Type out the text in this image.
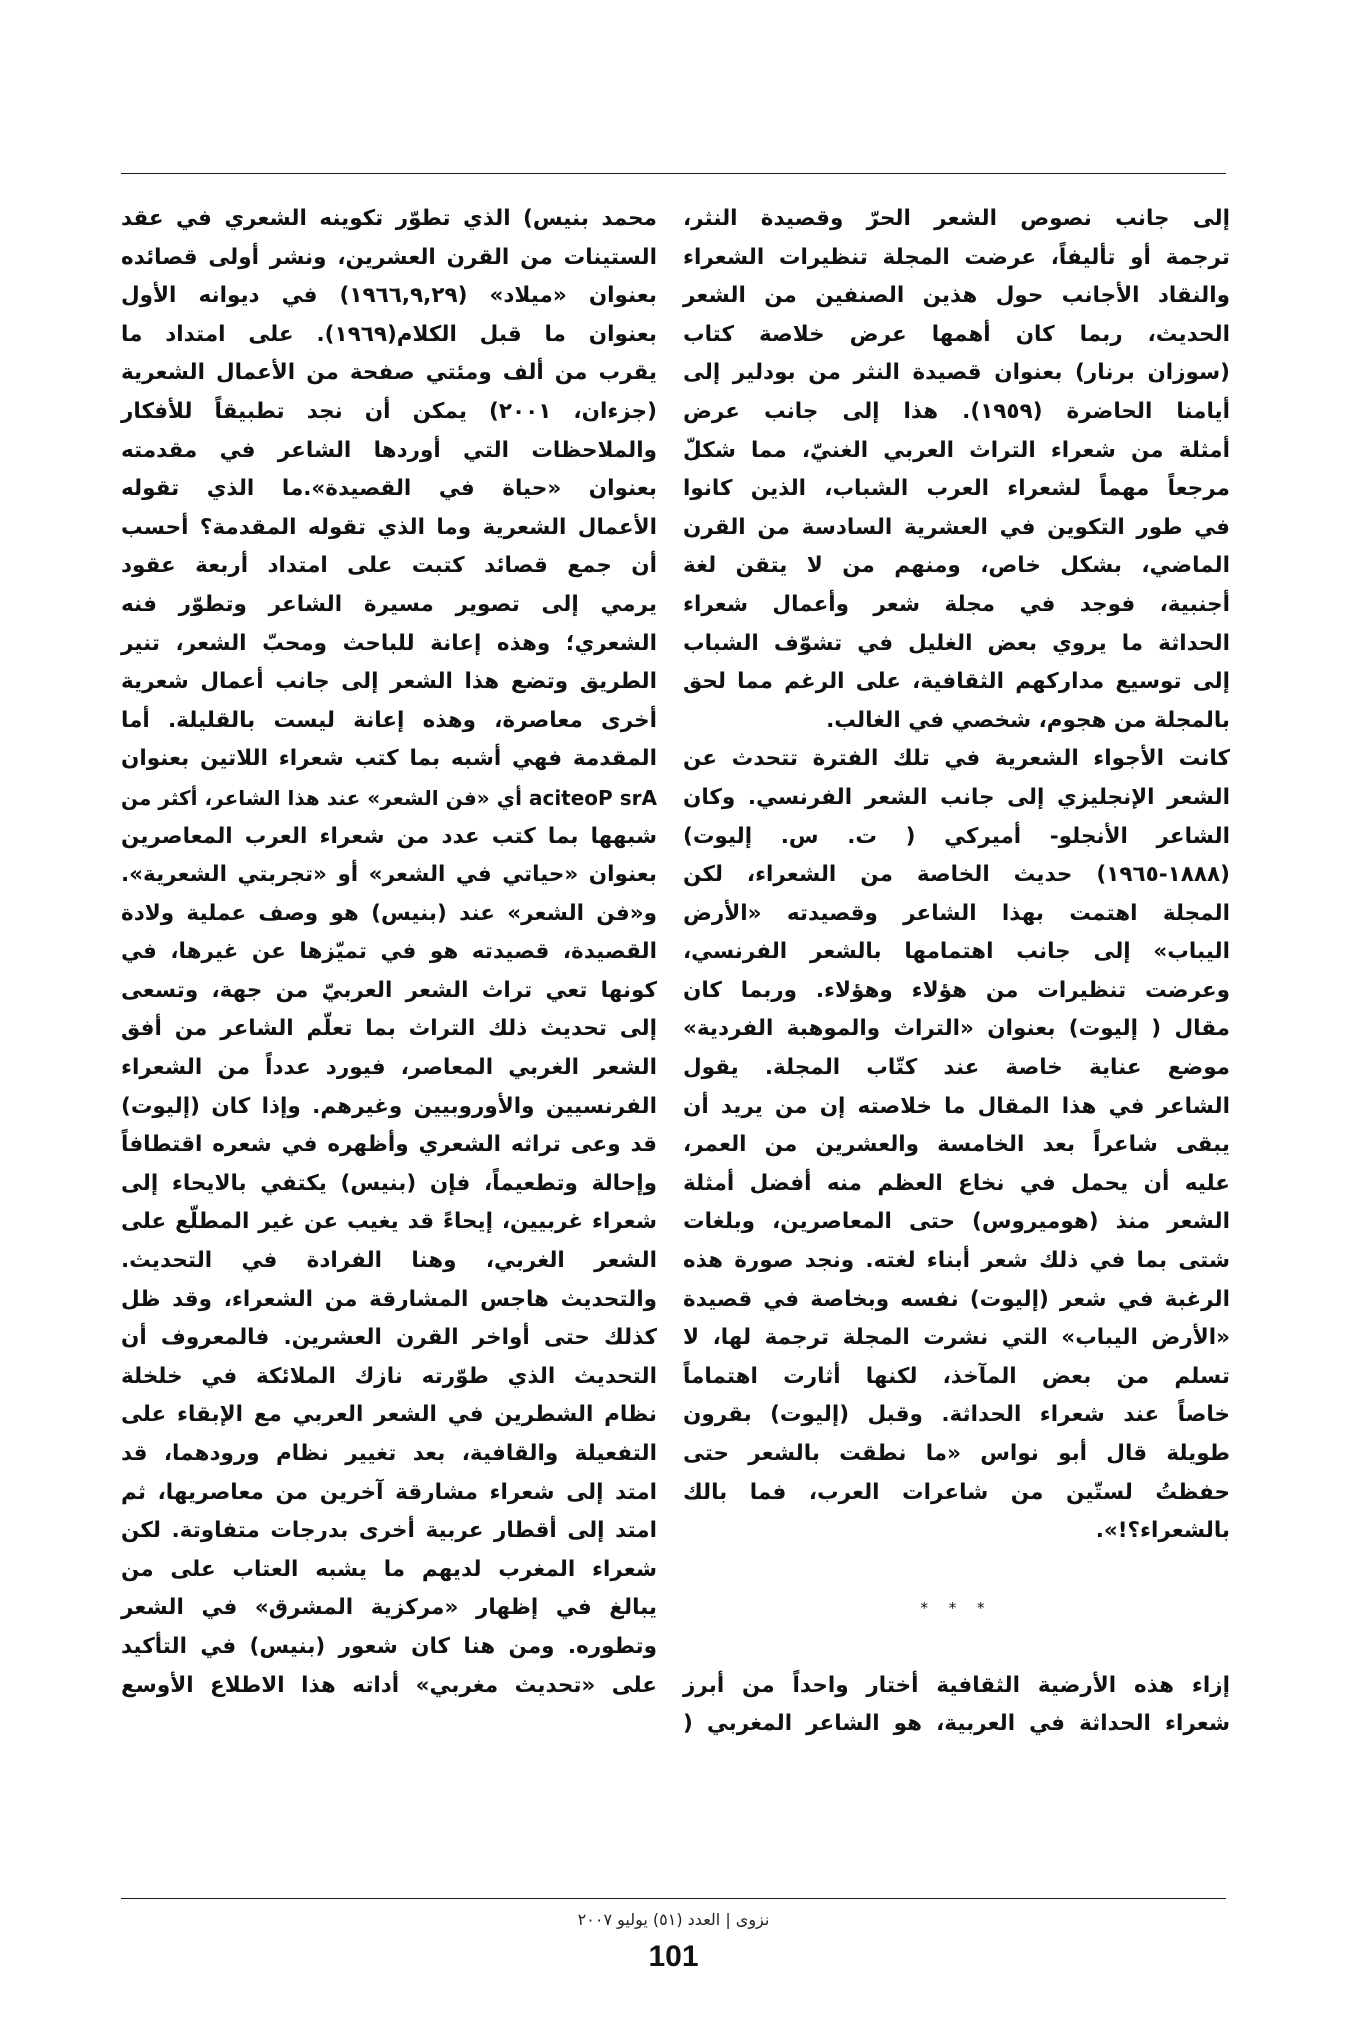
إلى جانب نصوص الشعر الحرّ وقصيدة النثر،
ترجمة أو تأليفاً، عرضت المجلة تنظيرات الشعراء
والنقاد الأجانب حول هذين الصنفين من الشعر
الحديث، ربما كان أهمها عرض خلاصة كتاب
(سوزان برنار) بعنوان قصيدة النثر من بودلير إلى
أيامنا الحاضرة (١٩٥٩). هذا إلى جانب عرض
أمثلة من شعراء التراث العربي الغنيّ، مما شكلّ
مرجعاً مهماً لشعراء العرب الشباب، الذين كانوا
في طور التكوين في العشرية السادسة من القرن
الماضي، بشكل خاص، ومنهم من لا يتقن لغة
أجنبية، فوجد في مجلة شعر وأعمال شعراء
الحداثة ما يروي بعض الغليل في تشوّف الشباب
إلى توسيع مداركهم الثقافية، على الرغم مما لحق
بالمجلة من هجوم، شخصي في الغالب.
كانت الأجواء الشعرية في تلك الفترة تتحدث عن
الشعر الإنجليزي إلى جانب الشعر الفرنسي. وكان
الشاعر الأنجلو- أميركي ( ت. س. إليوت)
(١٨٨٨-١٩٦٥) حديث الخاصة من الشعراء، لكن
المجلة اهتمت بهذا الشاعر وقصيدته «الأرض
اليباب» إلى جانب اهتمامها بالشعر الفرنسي،
وعرضت تنظيرات من هؤلاء وهؤلاء. وربما كان
مقال ( إليوت) بعنوان «التراث والموهبة الفردية»
موضع عناية خاصة عند كتّاب المجلة. يقول
الشاعر في هذا المقال ما خلاصته إن من يريد أن
يبقى شاعراً بعد الخامسة والعشرين من العمر،
عليه أن يحمل في نخاع العظم منه أفضل أمثلة
الشعر منذ (هوميروس) حتى المعاصرين، وبلغات
شتى بما في ذلك شعر أبناء لغته. ونجد صورة هذه
الرغبة في شعر (إليوت) نفسه وبخاصة في قصيدة
«الأرض اليباب» التي نشرت المجلة ترجمة لها، لا
تسلم من بعض المآخذ، لكنها أثارت اهتماماً
خاصاً عند شعراء الحداثة. وقبل (إليوت) بقرون
طويلة قال أبو نواس «ما نطقت بالشعر حتى
حفظتُ لستّين من شاعرات العرب، فما بالك
بالشعراء؟!».
* * *
إزاء هذه الأرضية الثقافية أختار واحداً من أبرز
شعراء الحداثة في العربية، هو الشاعر المغربي (
محمد بنيس) الذي تطوّر تكوينه الشعري في عقد
الستينات من القرن العشرين، ونشر أولى قصائده
بعنوان «ميلاد» (١٩٦٦,٩,٢٩) في ديوانه الأول
بعنوان ما قبل الكلام(١٩٦٩). على امتداد ما
يقرب من ألف ومئتي صفحة من الأعمال الشعرية
(جزءان، ٢٠٠١) يمكن أن نجد تطبيقاً للأفكار
والملاحظات التي أوردها الشاعر في مقدمته
بعنوان «حياة في القصيدة».ما الذي تقوله
الأعمال الشعرية وما الذي تقوله المقدمة؟ أحسب
أن جمع قصائد كتبت على امتداد أربعة عقود
يرمي إلى تصوير مسيرة الشاعر وتطوّر فنه
الشعري؛ وهذه إعانة للباحث ومحبّ الشعر، تنير
الطريق وتضع هذا الشعر إلى جانب أعمال شعرية
أخرى معاصرة، وهذه إعانة ليست بالقليلة. أما
المقدمة فهي أشبه بما كتب شعراء اللاتين بعنوان
aciteoP srA أي «فن الشعر» عند هذا الشاعر، أكثر من
شبهها بما كتب عدد من شعراء العرب المعاصرين
بعنوان «حياتي في الشعر» أو «تجربتي الشعرية».
و«فن الشعر» عند (بنيس) هو وصف عملية ولادة
القصيدة، قصيدته هو في تميّزها عن غيرها، في
كونها تعي تراث الشعر العربيّ من جهة، وتسعى
إلى تحديث ذلك التراث بما تعلّم الشاعر من أفق
الشعر الغربي المعاصر، فيورد عدداً من الشعراء
الفرنسيين والأوروبيين وغيرهم. وإذا كان (إليوت)
قد وعى تراثه الشعري وأظهره في شعره اقتطافاً
وإحالة وتطعيماً، فإن (بنيس) يكتفي بالايحاء إلى
شعراء غربيين، إيحاءً قد يغيب عن غير المطلّع على
الشعر الغربي، وهنا الفرادة في التحديث.
والتحديث هاجس المشارقة من الشعراء، وقد ظل
كذلك حتى أواخر القرن العشرين. فالمعروف أن
التحديث الذي طوّرته نازك الملائكة في خلخلة
نظام الشطرين في الشعر العربي مع الإبقاء على
التفعيلة والقافية، بعد تغيير نظام ورودهما، قد
امتد إلى شعراء مشارقة آخرين من معاصريها، ثم
امتد إلى أقطار عربية أخرى بدرجات متفاوتة. لكن
شعراء المغرب لديهم ما يشبه العتاب على من
يبالغ في إظهار «مركزية المشرق» في الشعر
وتطوره. ومن هنا كان شعور (بنيس) في التأكيد
على «تحديث مغربي» أداته هذا الاطلاع الأوسع
نزوى | العدد (٥١) يوليو ٢٠٠٧
101
